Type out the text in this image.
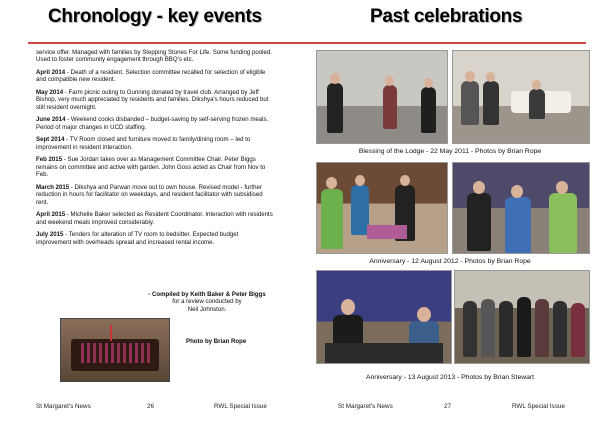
Chronology - key events
service offer. Managed with families by Stepping Stones For Life. Some funding pooled. Used to foster community engagement through BBQ's etc.
April 2014 - Death of a resident. Selection committee recalled for selection of eligible and compatible new resident.
May 2014 - Farm picnic outing to Gunning donated by travel club. Arranged by Jeff Bishop, very much appreciated by residents and families. Dikshya's hours reduced but still resident overnight.
June 2014 - Weekend cooks disbanded – budget-saving by self-serving frozen meals. Period of major changes in UCD staffing.
Sept 2014 - TV Room closed and furniture moved to family/dining room – led to improvement in resident interaction.
Feb 2015 - Sue Jordan takes over as Management Committee Chair. Peter Biggs remains on committee and active with garden. John Goss acted as Chair from Nov to Feb.
March 2015 - Dikshya and Parwan move out to own house. Revised model - further reduction in hours for facilitator on weekdays, and resident facilitator with subsidised rent.
April 2015 - Michelle Baker selected as Resident Coordinator. Interaction with residents and weekend meals improved considerably.
July 2015 - Tenders for alteration of TV room to bedsitter. Expected budget improvement with overheads spread and increased rental income.
- Compiled by Keith Baker & Peter Biggs
for a review conducted by
Neil Johnston.
Photo by Brian Rope
St Margaret's News	26	RWL Special Issue
Past celebrations
Blessing of the Lodge - 22 May 2011 - Photos by Brian Rope
Anniversary - 12 August 2012 - Photos by Brian Rope
Anniversary - 13 August 2013 - Photos by Brian Stewart
St Margaret's News	27	RWL Special Issue
